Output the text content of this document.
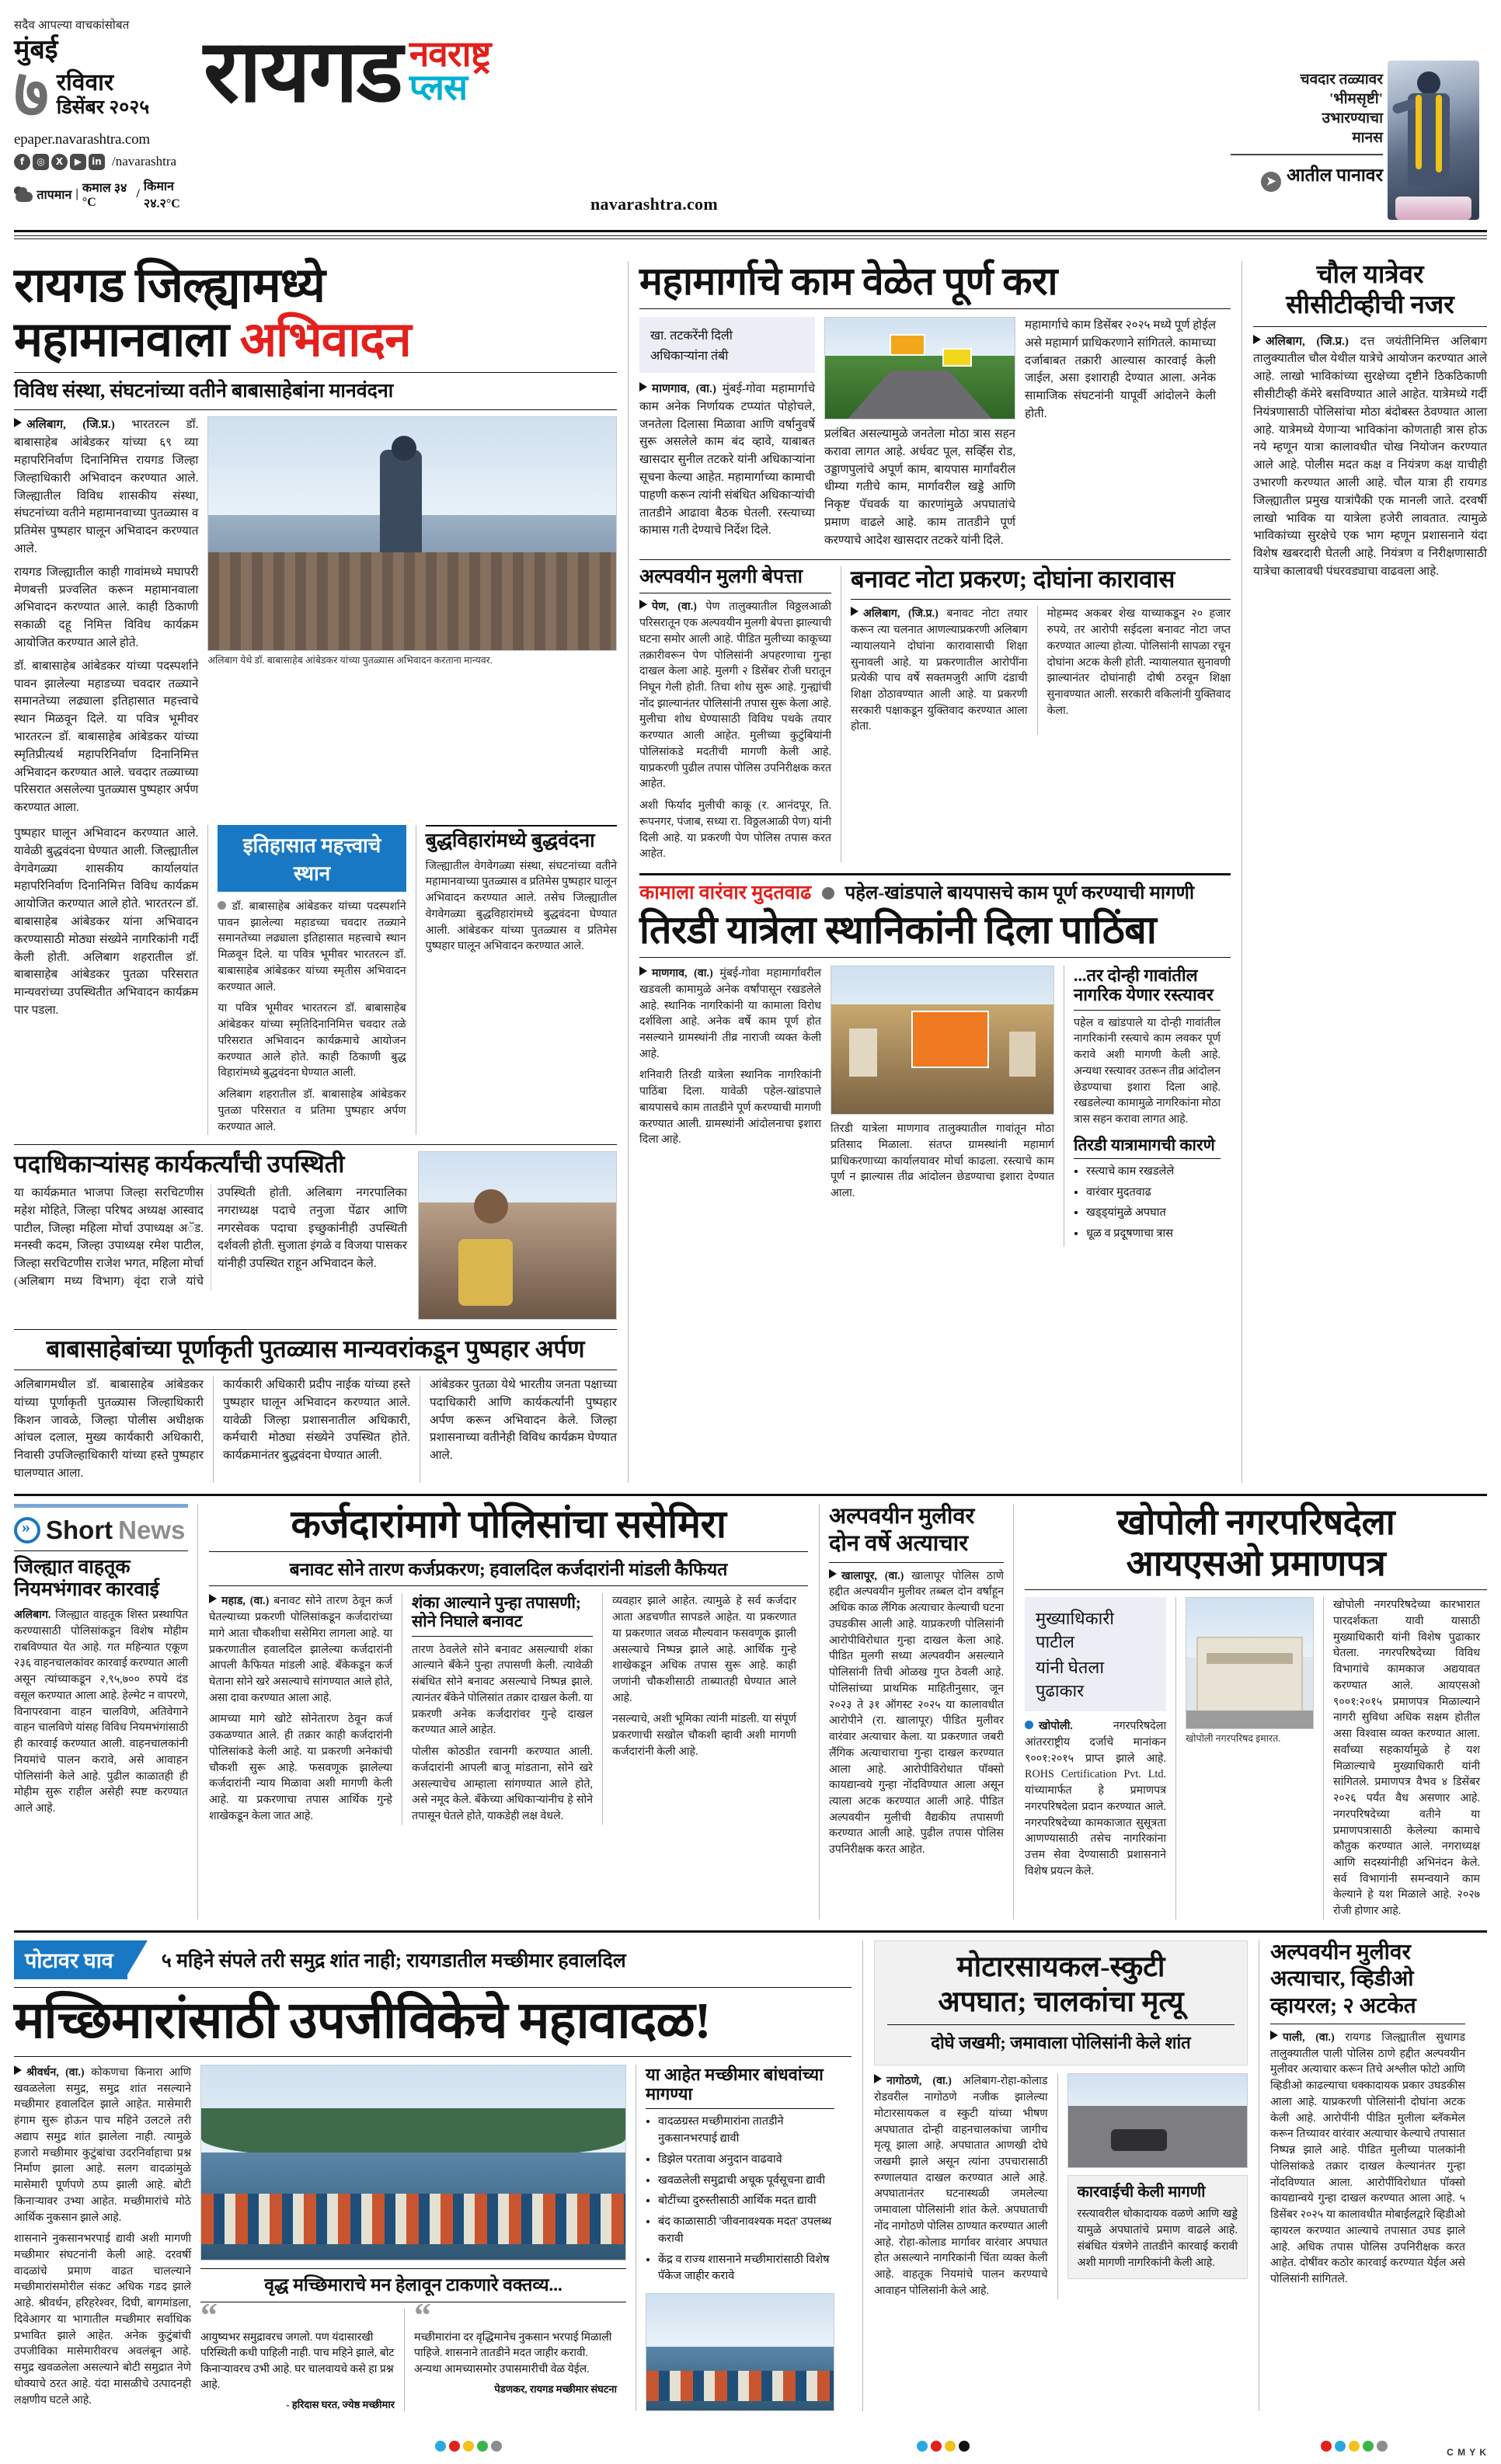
सदैव आपल्या वाचकांसोबत
मुंबई
७ रविवार
डिसेंबर २०२५
epaper.navarashtra.com
f	◎	X	▶	in /navarashtra
तापमान | कमाल ३४ °C
/
किमान २४.२°C
रायगड नवराष्ट्र
प्लस
navarashtra.com
चवदार तळ्यावर
'भीमसृष्टी'
उभारण्याचा
मानस
➤ आतील पानावर
रायगड जिल्ह्यामध्ये
महामानवाला अभिवादन
विविध संस्था, संघटनांच्या वतीने बाबासाहेबांना मानवंदना

अलिबाग, (जि.प्र.) भारतरत्न डॉ. बाबासाहेब आंबेडकर यांच्या ६९ व्या महापरिनिर्वाण दिनानिमित्त रायगड जिल्हा जिल्हाधिकारी अभिवादन करण्यात आले. जिल्ह्यातील विविध शासकीय संस्था, संघटनांच्या वतीने महामानवाच्या पुतळ्यास व प्रतिमेस पुष्पहार घालून अभिवादन करण्यात आले.

रायगड जिल्ह्यातील काही गावांमध्ये मघापरी मेणबत्ती प्रज्वलित करून महामानवाला अभिवादन करण्यात आले. काही ठिकाणी सकाळी दहू निमित्त विविध कार्यक्रम आयोजित करण्यात आले होते.

डॉ. बाबासाहेब आंबेडकर यांच्या पदस्पर्शाने पावन झालेल्या महाडच्या चवदार तळ्याने समानतेच्या लढ्याला इतिहासात महत्त्वाचे स्थान मिळवून दिले. या पवित्र भूमीवर भारतरत्न डॉ. बाबासाहेब आंबेडकर यांच्या स्मृतिप्रीत्यर्थ महापरिनिर्वाण दिनानिमित्त अभिवादन करण्यात आले. चवदार तळ्याच्या परिसरात असलेल्या पुतळ्यास पुष्पहार अर्पण करण्यात आला.

अलिबाग येथे डॉ. बाबासाहेब आंबेडकर यांच्या पुतळ्यास अभिवादन करताना मान्यवर.

पुष्पहार घालून अभिवादन करण्यात आले. यावेळी बुद्धवंदना घेण्यात आली. जिल्ह्यातील वेगवेगळ्या शासकीय कार्यालयांत महापरिनिर्वाण दिनानिमित्त विविध कार्यक्रम आयोजित करण्यात आले होते. भारतरत्न डॉ. बाबासाहेब आंबेडकर यांना अभिवादन करण्यासाठी मोठ्या संख्येने नागरिकांनी गर्दी केली होती. अलिबाग शहरातील डॉ. बाबासाहेब आंबेडकर पुतळा परिसरात मान्यवरांच्या उपस्थितीत अभिवादन कार्यक्रम पार पडला.

इतिहासात महत्त्वाचे स्थान

डॉ. बाबासाहेब आंबेडकर यांच्या पदस्पर्शाने पावन झालेल्या महाडच्या चवदार तळ्याने समानतेच्या लढ्याला इतिहासात महत्त्वाचे स्थान मिळवून दिले. या पवित्र भूमीवर भारतरत्न डॉ. बाबासाहेब आंबेडकर यांच्या स्मृतीस अभिवादन करण्यात आले.

या पवित्र भूमीवर भारतरत्न डॉ. बाबासाहेब आंबेडकर यांच्या स्मृतिदिनानिमित्त चवदार तळे परिसरात अभिवादन कार्यक्रमाचे आयोजन करण्यात आले होते. काही ठिकाणी बुद्ध विहारांमध्ये बुद्धवंदना घेण्यात आली.

अलिबाग शहरातील डॉ. बाबासाहेब आंबेडकर पुतळा परिसरात व प्रतिमा पुष्पहार अर्पण करण्यात आले.

बुद्धविहारांमध्ये बुद्धवंदना

जिल्ह्यातील वेगवेगळ्या संस्था, संघटनांच्या वतीने महामानवाच्या पुतळ्यास व प्रतिमेस पुष्पहार घालून अभिवादन करण्यात आले. तसेच जिल्ह्यातील वेगवेगळ्या बुद्धविहारांमध्ये बुद्धवंदना घेण्यात आली. आंबेडकर यांच्या पुतळ्यास व प्रतिमेस पुष्पहार घालून अभिवादन करण्यात आले.

पदाधिकाऱ्यांसह कार्यकर्त्यांची उपस्थिती

या कार्यक्रमात भाजपा जिल्हा सरचिटणीस महेश मोहिते, जिल्हा परिषद अध्यक्ष आस्वाद पाटील, जिल्हा महिला मोर्चा उपाध्यक्ष अॅड. मनस्वी कदम, जिल्हा उपाध्यक्ष रमेश पाटील, जिल्हा सरचिटणीस राजेश भगत, महिला मोर्चा (अलिबाग मध्य विभाग) वृंदा राजे यांचे उपस्थिती होती. अलिबाग नगरपालिका नगराध्यक्ष पदाचे तनुजा पेंढार आणि नगरसेवक पदाचा इच्छुकांनीही उपस्थिती दर्शवली होती. सुजाता इंगळे व विजया पासकर यांनीही उपस्थित राहून अभिवादन केले.

बाबासाहेबांच्या पूर्णाकृती पुतळ्यास मान्यवरांकडून पुष्पहार अर्पण

अलिबागमधील डॉ. बाबासाहेब आंबेडकर यांच्या पूर्णाकृती पुतळ्यास जिल्हाधिकारी किशन जावळे, जिल्हा पोलीस अधीक्षक आंचल दलाल, मुख्य कार्यकारी अधिकारी, निवासी उपजिल्हाधिकारी यांच्या हस्ते पुष्पहार घालण्यात आला.

कार्यकारी अधिकारी प्रदीप नाईक यांच्या हस्ते पुष्पहार घालून अभिवादन करण्यात आले. यावेळी जिल्हा प्रशासनातील अधिकारी, कर्मचारी मोठ्या संख्येने उपस्थित होते. कार्यक्रमानंतर बुद्धवंदना घेण्यात आली.

आंबेडकर पुतळा येथे भारतीय जनता पक्षाच्या पदाधिकारी आणि कार्यकर्त्यांनी पुष्पहार अर्पण करून अभिवादन केले. जिल्हा प्रशासनाच्या वतीनेही विविध कार्यक्रम घेण्यात आले.

महामार्गाचे काम वेळेत पूर्ण करा
खा. तटकरेंनी दिली
अधिकाऱ्यांना तंबी

माणगाव, (वा.) मुंबई-गोवा महामार्गाचे काम अनेक निर्णायक टप्प्यांत पोहोचले, जनतेला दिलासा मिळावा आणि वर्षानुवर्षे सुरू असलेले काम बंद व्हावे, याबाबत खासदार सुनील तटकरे यांनी अधिकाऱ्यांना सूचना केल्या आहेत. महामार्गाच्या कामाची पाहणी करून त्यांनी संबंधित अधिकाऱ्यांची तातडीने आढावा बैठक घेतली. रस्त्याच्या कामास गती देण्याचे निर्देश दिले.

प्रलंबित असल्यामुळे जनतेला मोठा त्रास सहन करावा लागत आहे. अर्धवट पूल, सर्व्हिस रोड, उड्डाणपुलांचे अपूर्ण काम, बायपास मार्गांवरील धीम्या गतीचे काम, मार्गावरील खड्डे आणि निकृष्ट पॅचवर्क या कारणांमुळे अपघातांचे प्रमाण वाढले आहे. काम तातडीने पूर्ण करण्याचे आदेश खासदार तटकरे यांनी दिले.

महामार्गाचे काम डिसेंबर २०२५ मध्ये पूर्ण होईल असे महामार्ग प्राधिकरणाने सांगितले. कामाच्या दर्जाबाबत तक्रारी आल्यास कारवाई केली जाईल, असा इशाराही देण्यात आला. अनेक सामाजिक संघटनांनी यापूर्वी आंदोलने केली होती.

अल्पवयीन मुलगी बेपत्ता

पेण, (वा.) पेण तालुक्यातील विठ्ठलआळी परिसरातून एक अल्पवयीन मुलगी बेपत्ता झाल्याची घटना समोर आली आहे. पीडित मुलीच्या काकूच्या तक्रारीवरून पेण पोलिसांनी अपहरणाचा गुन्हा दाखल केला आहे. मुलगी २ डिसेंबर रोजी घरातून निघून गेली होती. तिचा शोध सुरू आहे. गुन्ह्यांची नोंद झाल्यानंतर पोलिसांनी तपास सुरू केला आहे. मुलीचा शोध घेण्यासाठी विविध पथके तयार करण्यात आली आहेत. मुलीच्या कुटुंबियांनी पोलिसांकडे मदतीची मागणी केली आहे. याप्रकरणी पुढील तपास पोलिस उपनिरीक्षक करत आहेत.

अशी फिर्याद मुलीची काकू (र. आनंदपूर, ति. रूपनगर, पंजाब, सध्या रा. विठ्ठलआळी पेण) यांनी दिली आहे. या प्रकरणी पेण पोलिस तपास करत आहेत.

बनावट नोटा प्रकरण; दोघांना कारावास

अलिबाग, (जि.प्र.) बनावट नोटा तयार करून त्या चलनात आणल्याप्रकरणी अलिबाग न्यायालयाने दोघांना कारावासाची शिक्षा सुनावली आहे. या प्रकरणातील आरोपींना प्रत्येकी पाच वर्षे सक्तमजुरी आणि दंडाची शिक्षा ठोठावण्यात आली आहे. या प्रकरणी सरकारी पक्षाकडून युक्तिवाद करण्यात आला होता.

मोहम्मद अकबर शेख याच्याकडून २० हजार रुपये, तर आरोपी सईदला बनावट नोटा जप्त करण्यात आल्या होत्या. पोलिसांनी सापळा रचून दोघांना अटक केली होती. न्यायालयात सुनावणी झाल्यानंतर दोघांनाही दोषी ठरवून शिक्षा सुनावण्यात आली. सरकारी वकिलांनी युक्तिवाद केला.

कामाला वारंवार मुदतवाढ पहेल-खांडपाले बायपासचे काम पूर्ण करण्याची मागणी
तिरडी यात्रेला स्थानिकांनी दिला पाठिंबा

माणगाव, (वा.) मुंबई-गोवा महामार्गावरील खडवली कामामुळे अनेक वर्षांपासून रखडलेले आहे. स्थानिक नागरिकांनी या कामाला विरोध दर्शविला आहे. अनेक वर्षे काम पूर्ण होत नसल्याने ग्रामस्थांनी तीव्र नाराजी व्यक्त केली आहे.

शनिवारी तिरडी यात्रेला स्थानिक नागरिकांनी पाठिंबा दिला. यावेळी पहेल-खांडपाले बायपासचे काम तातडीने पूर्ण करण्याची मागणी करण्यात आली. ग्रामस्थांनी आंदोलनाचा इशारा दिला आहे.

तिरडी यात्रेला माणगाव तालुक्यातील गावांतून मोठा प्रतिसाद मिळाला. संतप्त ग्रामस्थांनी महामार्ग प्राधिकरणाच्या कार्यालयावर मोर्चा काढला. रस्त्याचे काम पूर्ण न झाल्यास तीव्र आंदोलन छेडण्याचा इशारा देण्यात आला.

...तर दोन्ही गावांतील नागरिक येणार रस्त्यावर

पहेल व खांडपाले या दोन्ही गावांतील नागरिकांनी रस्त्याचे काम लवकर पूर्ण करावे अशी मागणी केली आहे. अन्यथा रस्त्यावर उतरून तीव्र आंदोलन छेडण्याचा इशारा दिला आहे. रखडलेल्या कामामुळे नागरिकांना मोठा त्रास सहन करावा लागत आहे.

तिरडी यात्रामागची कारणे
• रस्त्याचे काम रखडलेले
• वारंवार मुदतवाढ
• खड्ड्यांमुळे अपघात
• धूळ व प्रदूषणाचा त्रास
चौल यात्रेवर
सीसीटीव्हीची नजर

अलिबाग, (जि.प्र.) दत्त जयंतीनिमित्त अलिबाग तालुक्यातील चौल येथील यात्रेचे आयोजन करण्यात आले आहे. लाखो भाविकांच्या सुरक्षेच्या दृष्टीने ठिकठिकाणी सीसीटीव्ही कॅमेरे बसविण्यात आले आहेत. यात्रेमध्ये गर्दी नियंत्रणासाठी पोलिसांचा मोठा बंदोबस्त ठेवण्यात आला आहे. यात्रेमध्ये येणाऱ्या भाविकांना कोणताही त्रास होऊ नये म्हणून यात्रा कालावधीत चोख नियोजन करण्यात आले आहे. पोलीस मदत कक्ष व नियंत्रण कक्ष याचीही उभारणी करण्यात आली आहे. चौल यात्रा ही रायगड जिल्ह्यातील प्रमुख यात्रांपैकी एक मानली जाते. दरवर्षी लाखो भाविक या यात्रेला हजेरी लावतात. त्यामुळे भाविकांच्या सुरक्षेचे एक भाग म्हणून प्रशासनाने यंदा विशेष खबरदारी घेतली आहे. नियंत्रण व निरीक्षणासाठी यात्रेचा कालावधी पंधरवड्याचा वाढवला आहे.

»
Short News
जिल्ह्यात वाहतूक
नियमभंगावर कारवाई

अलिबाग. जिल्ह्यात वाहतूक शिस्त प्रस्थापित करण्यासाठी पोलिसांकडून विशेष मोहीम राबविण्यात येत आहे. गत महिन्यात एकूण २३६ वाहनचालकांवर कारवाई करण्यात आली असून त्यांच्याकडून २,९५,७०० रुपये दंड वसूल करण्यात आला आहे. हेल्मेट न वापरणे, विनापरवाना वाहन चालविणे, अतिवेगाने वाहन चालविणे यांसह विविध नियमभंगांसाठी ही कारवाई करण्यात आली. वाहनचालकांनी नियमांचे पालन करावे, असे आवाहन पोलिसांनी केले आहे. पुढील काळातही ही मोहीम सुरू राहील असेही स्पष्ट करण्यात आले आहे.

कर्जदारांमागे पोलिसांचा ससेमिरा
बनावट सोने तारण कर्जप्रकरण; हवालदिल कर्जदारांनी मांडली कैफियत

महाड, (वा.) बनावट सोने तारण ठेवून कर्ज घेतल्याच्या प्रकरणी पोलिसांकडून कर्जदारांच्या मागे आता चौकशीचा ससेमिरा लागला आहे. या प्रकरणातील हवालदिल झालेल्या कर्जदारांनी आपली कैफियत मांडली आहे. बँकेकडून कर्ज घेताना सोने खरे असल्याचे सांगण्यात आले होते, असा दावा करण्यात आला आहे.

आमच्या मागे खोटे सोनेतारण ठेवून कर्ज उकळण्यात आले. ही तक्रार काही कर्जदारांनी पोलिसांकडे केली आहे. या प्रकरणी अनेकांची चौकशी सुरू आहे. फसवणूक झालेल्या कर्जदारांनी न्याय मिळावा अशी मागणी केली आहे. या प्रकरणाचा तपास आर्थिक गुन्हे शाखेकडून केला जात आहे.

शंका आल्याने पुन्हा तपासणी; सोने निघाले बनावट

तारण ठेवलेले सोने बनावट असल्याची शंका आल्याने बँकेने पुन्हा तपासणी केली. त्यावेळी संबंधित सोने बनावट असल्याचे निष्पन्न झाले. त्यानंतर बँकेने पोलिसांत तक्रार दाखल केली. या प्रकरणी अनेक कर्जदारांवर गुन्हे दाखल करण्यात आले आहेत.

पोलीस कोठडीत रवानगी करण्यात आली. कर्जदारांनी आपली बाजू मांडताना, सोने खरे असल्याचेच आम्हाला सांगण्यात आले होते, असे नमूद केले. बँकेच्या अधिकाऱ्यांनीच हे सोने तपासून घेतले होते, याकडेही लक्ष वेधले.

व्यवहार झाले आहेत. त्यामुळे हे सर्व कर्जदार आता अडचणीत सापडले आहेत. या प्रकरणात या प्रकरणात जवळ मौल्यवान फसवणूक झाली असल्याचे निष्पन्न झाले आहे. आर्थिक गुन्हे शाखेकडून अधिक तपास सुरू आहे. काही जणांनी चौकशीसाठी ताब्यातही घेण्यात आले आहे.

नसल्याचे, अशी भूमिका त्यांनी मांडली. या संपूर्ण प्रकरणाची सखोल चौकशी व्हावी अशी मागणी कर्जदारांनी केली आहे.

अल्पवयीन मुलीवर
दोन वर्षे अत्याचार

खालापूर, (वा.) खालापूर पोलिस ठाणे हद्दीत अल्पवयीन मुलीवर तब्बल दोन वर्षांहून अधिक काळ लैंगिक अत्याचार केल्याची घटना उघडकीस आली आहे. याप्रकरणी पोलिसांनी आरोपीविरोधात गुन्हा दाखल केला आहे. पीडित मुलगी सध्या अल्पवयीन असल्याने पोलिसांनी तिची ओळख गुप्त ठेवली आहे. पोलिसांच्या प्राथमिक माहितीनुसार, जून २०२३ ते ३१ ऑगस्ट २०२५ या कालावधीत आरोपीने (रा. खालापूर) पीडित मुलीवर वारंवार अत्याचार केला. या प्रकरणात जबरी लैंगिक अत्याचाराचा गुन्हा दाखल करण्यात आला आहे. आरोपीविरोधात पॉक्सो कायद्यान्वये गुन्हा नोंदविण्यात आला असून त्याला अटक करण्यात आली आहे. पीडित अल्पवयीन मुलीची वैद्यकीय तपासणी करण्यात आली आहे. पुढील तपास पोलिस उपनिरीक्षक करत आहेत.

खोपोली नगरपरिषदेला
आयएसओ प्रमाणपत्र
मुख्याधिकारी पाटील
यांनी घेतला पुढाकार

खोपोली.	नगरपरिषदेला आंतरराष्ट्रीय दर्जाचे मानांकन ९००१:२०१५ प्राप्त झाले आहे. ROHS Certification Pvt. Ltd. यांच्यामार्फत हे प्रमाणपत्र नगरपरिषदेला प्रदान करण्यात आले. नगरपरिषदेच्या कामकाजात सुसूत्रता आणण्यासाठी तसेच नागरिकांना उत्तम सेवा देण्यासाठी प्रशासनाने विशेष प्रयत्न केले.

खोपोली नगरपरिषद इमारत.

खोपोली नगरपरिषदेच्या कारभारात पारदर्शकता यावी यासाठी मुख्याधिकारी यांनी विशेष पुढाकार घेतला. नगरपरिषदेच्या विविध विभागांचे कामकाज अद्ययावत करण्यात आले. आयएसओ ९००१:२०१५ प्रमाणपत्र मिळाल्याने नागरी सुविधा अधिक सक्षम होतील असा विश्वास व्यक्त करण्यात आला. सर्वांच्या सहकार्यामुळे हे यश मिळाल्याचे मुख्याधिकारी यांनी सांगितले. प्रमाणपत्र वैभव ४ डिसेंबर २०२६ पर्यंत वैध असणार आहे. नगरपरिषदेच्या वतीने या प्रमाणपत्रासाठी केलेल्या कामाचे कौतुक करण्यात आले. नगराध्यक्ष आणि सदस्यांनीही अभिनंदन केले. सर्व विभागांनी समन्वयाने काम केल्याने हे यश मिळाले आहे. २०२७ रोजी होणार आहे.

पोटावर घाव	५ महिने संपले तरी समुद्र शांत नाही; रायगडातील मच्छीमार हवालदिल
मच्छिमारांसाठी उपजीविकेचे महावादळ!

श्रीवर्धन, (वा.) कोकणचा किनारा आणि खवळलेला समुद्र, समुद्र शांत नसल्याने मच्छीमार हवालदिल झाले आहेत. मासेमारी हंगाम सुरू होऊन पाच महिने उलटले तरी अद्याप समुद्र शांत झालेला नाही. त्यामुळे हजारो मच्छीमार कुटुंबांचा उदरनिर्वाहाचा प्रश्न निर्माण झाला आहे. सलग वादळांमुळे मासेमारी पूर्णपणे ठप्प झाली आहे. बोटी किनाऱ्यावर उभ्या आहेत. मच्छीमारांचे मोठे आर्थिक नुकसान झाले आहे.

शासनाने नुकसानभरपाई द्यावी अशी मागणी मच्छीमार संघटनांनी केली आहे. दरवर्षी वादळांचे प्रमाण वाढत चालल्याने मच्छीमारांसमोरील संकट अधिक गडद झाले आहे. श्रीवर्धन, हरिहरेश्वर, दिघी, बागमांडला, दिवेआगर या भागातील मच्छीमार सर्वाधिक प्रभावित झाले आहेत. अनेक कुटुंबांची उपजीविका मासेमारीवरच अवलंबून आहे. समुद्र खवळलेला असल्याने बोटी समुद्रात नेणे धोक्याचे ठरत आहे. यंदा मासळीचे उत्पादनही लक्षणीय घटले आहे.

वृद्ध मच्छिमाराचे मन हेलावून टाकणारे वक्तव्य...
“

आयुष्यभर समुद्रावरच जगलो. पण यंदासारखी परिस्थिती कधी पाहिली नाही. पाच महिने झाले, बोट किनाऱ्यावरच उभी आहे. घर चालवायचे कसे हा प्रश्न आहे.

- हरिदास घरत, ज्येष्ठ मच्छीमार
“

मच्छीमारांना दर वृद्धिमानेच नुकसान भरपाई मिळाली पाहिजे. शासनाने तातडीने मदत जाहीर करावी. अन्यथा आमच्यासमोर उपासमारीची वेळ येईल.

पेडणकर, रायगड मच्छीमार संघटना
या आहेत मच्छीमार बांधवांच्या मागण्या
• वादळग्रस्त मच्छीमारांना तातडीने नुकसानभरपाई द्यावी
• डिझेल परतावा अनुदान वाढवावे
• खवळलेली समुद्राची अचूक पूर्वसूचना द्यावी
• बोटींच्या दुरुस्तीसाठी आर्थिक मदत द्यावी
• बंद काळासाठी 'जीवनावश्यक मदत' उपलब्ध करावी
• केंद्र व राज्य शासनाने मच्छीमारांसाठी विशेष पॅकेज जाहीर करावे
मोटारसायकल-स्कुटी
अपघात; चालकांचा मृत्यू
दोघे जखमी; जमावाला पोलिसांनी केले शांत

नागोठणे, (वा.) अलिबाग-रोहा-कोलाड रोडवरील नागोठणे नजीक झालेल्या मोटारसायकल व स्कुटी यांच्या भीषण अपघातात दोन्ही वाहनचालकांचा जागीच मृत्यू झाला आहे. अपघातात आणखी दोघे जखमी झाले असून त्यांना उपचारासाठी रुग्णालयात दाखल करण्यात आले आहे. अपघातानंतर घटनास्थळी जमलेल्या जमावाला पोलिसांनी शांत केले. अपघाताची नोंद नागोठणे पोलिस ठाण्यात करण्यात आली आहे. रोहा-कोलाड मार्गावर वारंवार अपघात होत असल्याने नागरिकांनी चिंता व्यक्त केली आहे. वाहतूक नियमांचे पालन करण्याचे आवाहन पोलिसांनी केले आहे.

कारवाईची केली मागणी

रस्त्यावरील धोकादायक वळणे आणि खड्डे यामुळे अपघातांचे प्रमाण वाढले आहे. संबंधित यंत्रणेने तातडीने कारवाई करावी अशी मागणी नागरिकांनी केली आहे.

अल्पवयीन मुलीवर
अत्याचार, व्हिडीओ
व्हायरल; २ अटकेत

पाली, (वा.) रायगड जिल्ह्यातील सुधागड तालुक्यातील पाली पोलिस ठाणे हद्दीत अल्पवयीन मुलीवर अत्याचार करून तिचे अश्लील फोटो आणि व्हिडीओ काढल्याचा धक्कादायक प्रकार उघडकीस आला आहे. याप्रकरणी पोलिसांनी दोघांना अटक केली आहे. आरोपींनी पीडित मुलीला ब्लॅकमेल करून तिच्यावर वारंवार अत्याचार केल्याचे तपासात निष्पन्न झाले आहे. पीडित मुलीच्या पालकांनी पोलिसांकडे तक्रार दाखल केल्यानंतर गुन्हा नोंदविण्यात आला. आरोपींविरोधात पॉक्सो कायद्यान्वये गुन्हा दाखल करण्यात आला आहे. ५ डिसेंबर २०२५ या कालावधीत मोबाईलद्वारे व्हिडीओ व्हायरल करण्यात आल्याचे तपासात उघड झाले आहे. अधिक तपास पोलिस उपनिरीक्षक करत आहेत. दोषींवर कठोर कारवाई करण्यात येईल असे पोलिसांनी सांगितले.

C M Y K
